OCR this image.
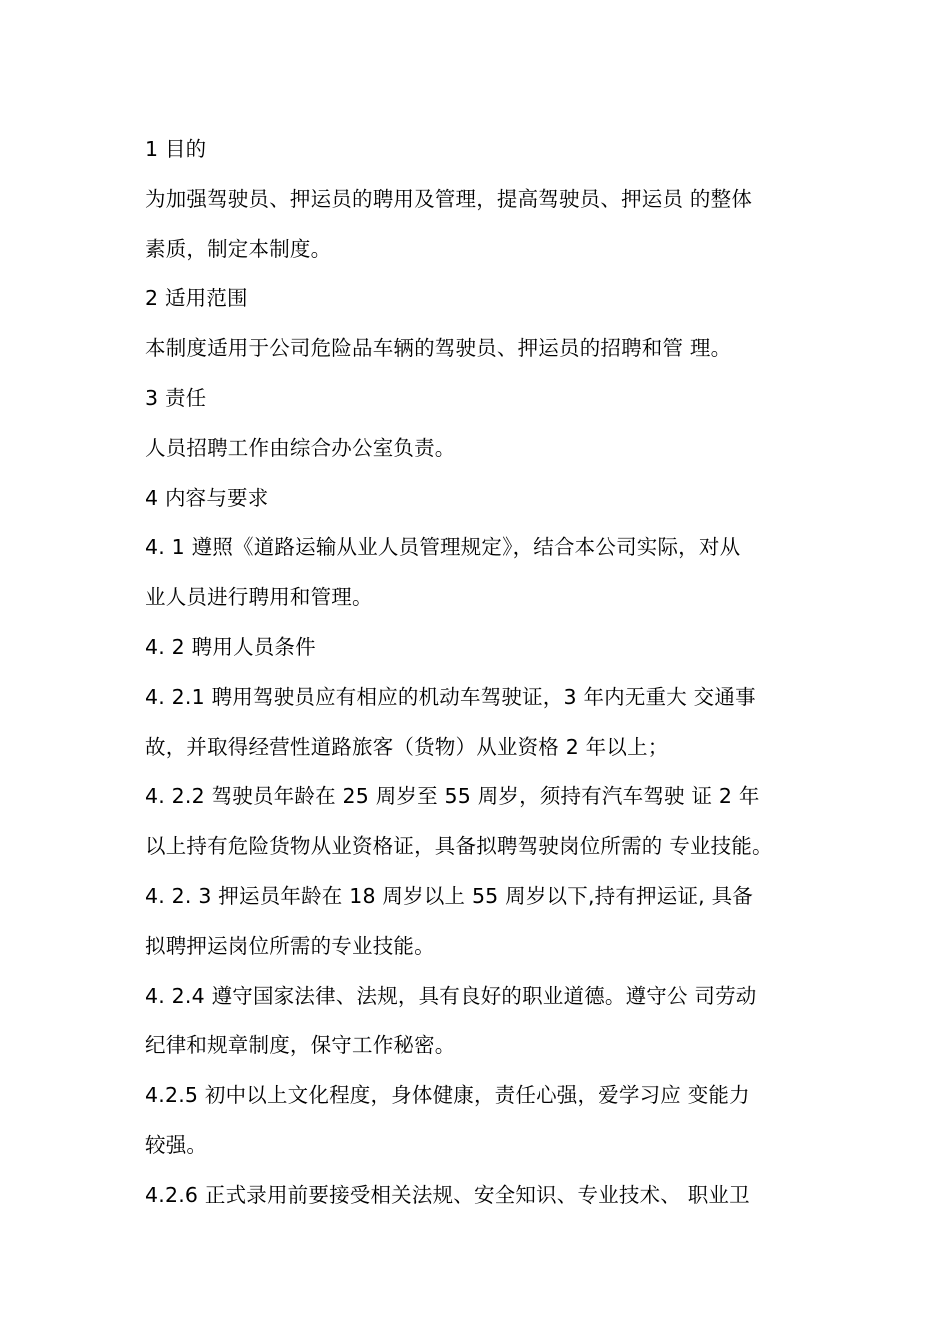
1 目的
为加强驾驶员、押运员的聘用及管理，提高驾驶员、押运员 的整体
素质，制定本制度。
2 适用范围
本制度适用于公司危险品车辆的驾驶员、押运员的招聘和管 理。
3 责任
人员招聘工作由综合办公室负责。
4 内容与要求
4. 1 遵照《道路运输从业人员管理规定》，结合本公司实际，对从
业人员进行聘用和管理。
4. 2 聘用人员条件
4. 2.1 聘用驾驶员应有相应的机动车驾驶证，3 年内无重大 交通事
故，并取得经营性道路旅客（货物）从业资格 2 年以上；
4. 2.2 驾驶员年龄在 25 周岁至 55 周岁，须持有汽车驾驶 证 2 年
以上持有危险货物从业资格证，具备拟聘驾驶岗位所需的 专业技能。
4. 2. 3 押运员年龄在 18 周岁以上 55 周岁以下,持有押运证, 具备
拟聘押运岗位所需的专业技能。
4. 2.4 遵守国家法律、法规，具有良好的职业道德。遵守公 司劳动
纪律和规章制度，保守工作秘密。
4.2.5 初中以上文化程度，身体健康，责任心强，爱学习应 变能力
较强。
4.2.6 正式录用前要接受相关法规、安全知识、专业技术、 职业卫
